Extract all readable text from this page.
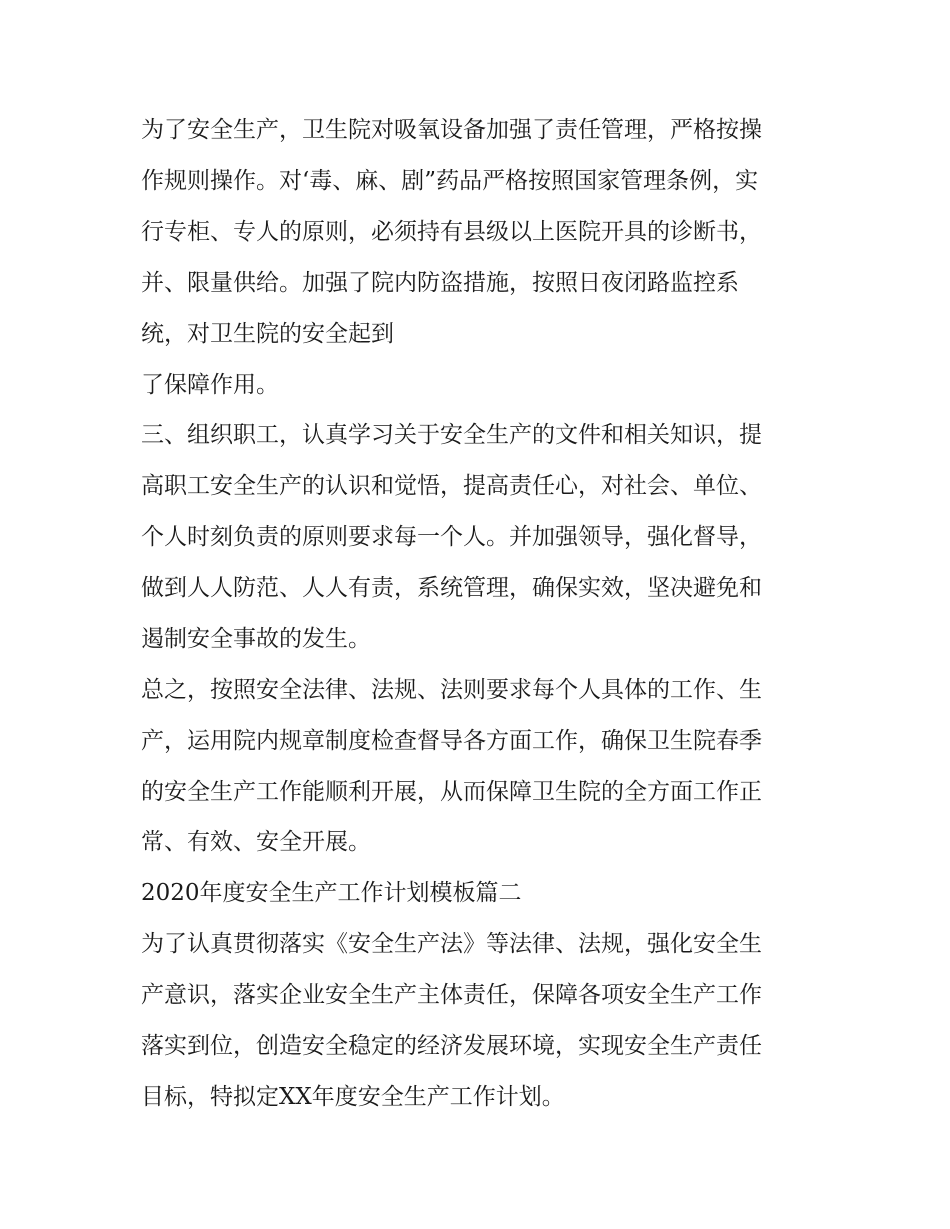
为了安全生产，卫生院对吸氧设备加强了责任管理，严格按操

作规则操作。对‘毒、麻、剧”药品严格按照国家管理条例，实

行专柜、专人的原则，必须持有县级以上医院开具的诊断书，

并、限量供给。加强了院内防盗措施，按照日夜闭路监控系

统，对卫生院的安全起到

了保障作用。

三、组织职工，认真学习关于安全生产的文件和相关知识，提

高职工安全生产的认识和觉悟，提高责任心，对社会、单位、

个人时刻负责的原则要求每一个人。并加强领导，强化督导，

做到人人防范、人人有责，系统管理，确保实效，坚决避免和

遏制安全事故的发生。

总之，按照安全法律、法规、法则要求每个人具体的工作、生

产，运用院内规章制度检查督导各方面工作，确保卫生院春季

的安全生产工作能顺利开展，从而保障卫生院的全方面工作正

常、有效、安全开展。

2020年度安全生产工作计划模板篇二

为了认真贯彻落实《安全生产法》等法律、法规，强化安全生

产意识，落实企业安全生产主体责任，保障各项安全生产工作

落实到位，创造安全稳定的经济发展环境，实现安全生产责任

目标，特拟定XX年度安全生产工作计划。
